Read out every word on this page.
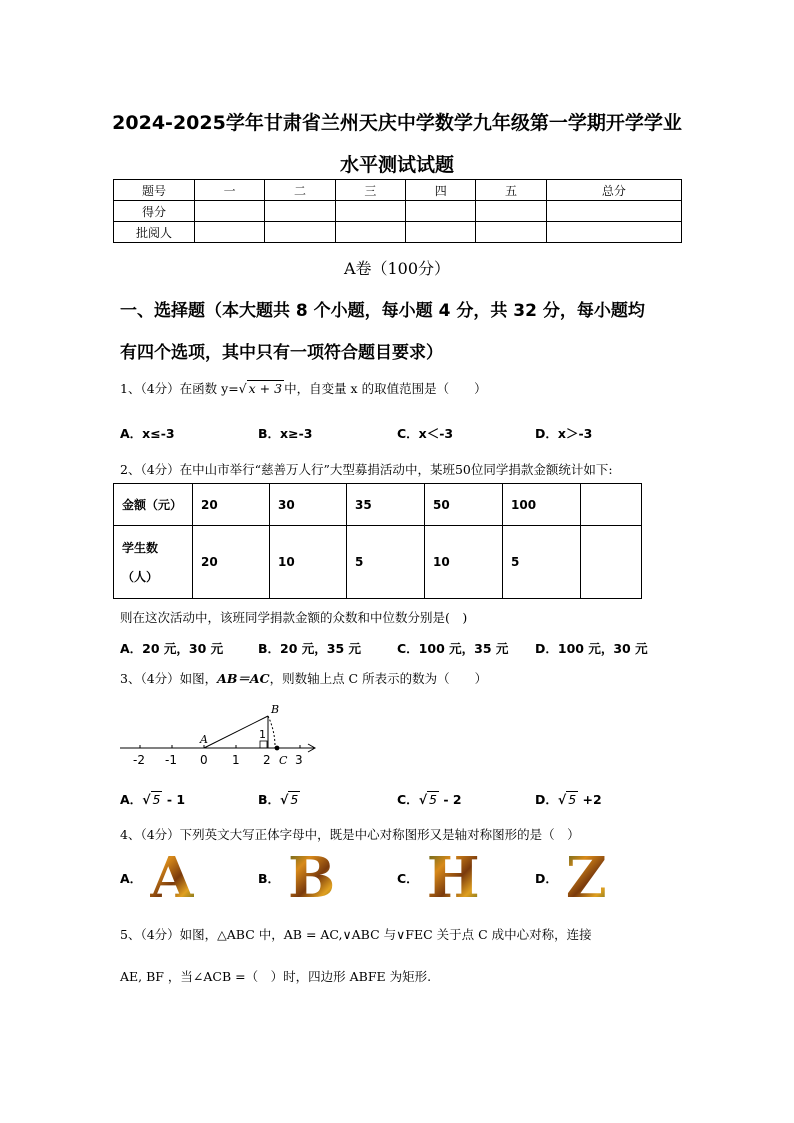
2024-2025学年甘肃省兰州天庆中学数学九年级第一学期开学学业
水平测试试题
题号	一	二	三	四	五	总分
得分						
批阅人						
A卷（100分）
一、选择题（本大题共 8 个小题，每小题 4 分，共 32 分，每小题均
有四个选项，其中只有一项符合题目要求）
1、（4分）在函数 y=√ x + 3 中，自变量 x 的取值范围是（　　）
A．x≤-3	B．x≥-3	C．x＜-3	D．x＞-3
2、（4分）在中山市举行“慈善万人行”大型募捐活动中，某班50位同学捐款金额统计如下:
金额（元）	20	30	35	50	100	
学生数
（人）	20	10	5	10	5	
则在这次活动中，该班同学捐款金额的众数和中位数分别是(　)
A．20 元，30 元	B．20 元，35 元	C．100 元，35 元 D．100 元，30 元
3、（4分）如图，AB＝AC，则数轴上点 C 所表示的数为（　　）
-2 -1 0 1 2 3
A
B
C
1
A．√ 5 - 1	B．√ 5	C．√ 5 - 2	D．√ 5 +2
4、（4分）下列英文大写正体字母中，既是中心对称图形又是轴对称图形的是（　）
A． A	B． B	C． H	D． Z
5、（4分）如图，△ABC 中，AB = AC,∨ABC 与∨FEC 关于点 C 成中心对称，连接
AE, BF ，当∠ACB =（　）时，四边形 ABFE 为矩形.
